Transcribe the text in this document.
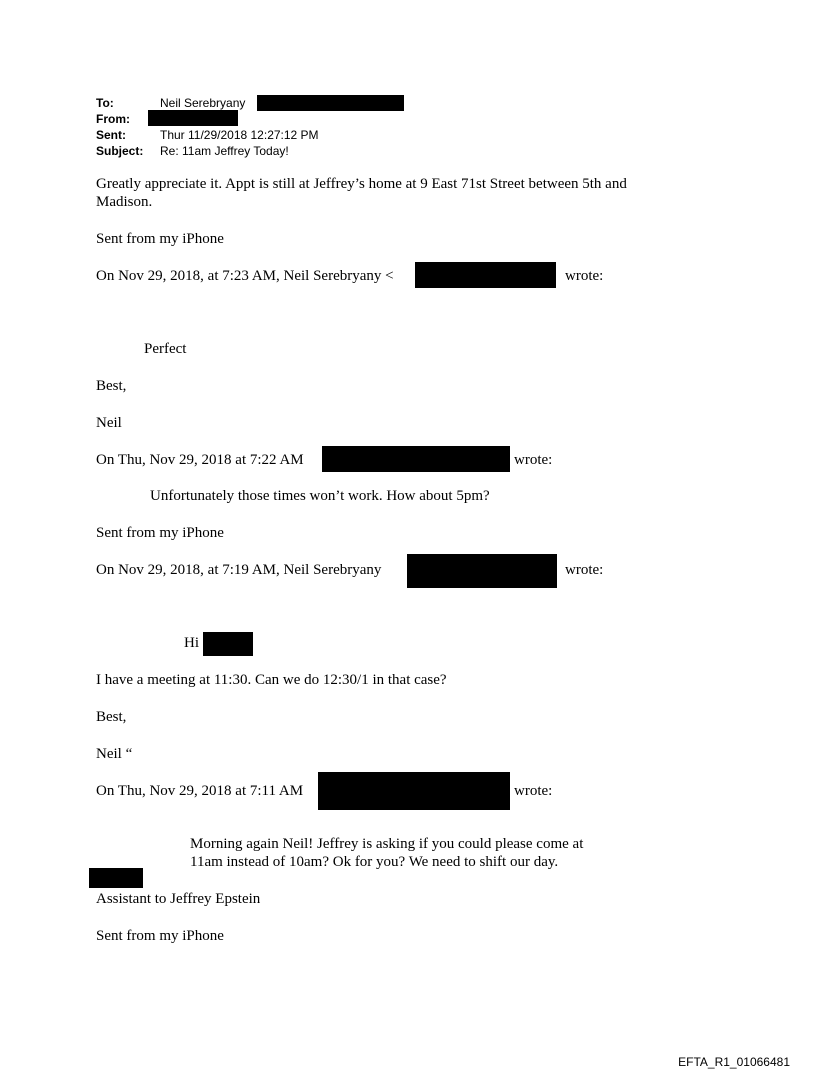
To:	Neil Serebryany
From:
Sent:	Thur 11/29/2018 12:27:12 PM
Subject: Re: 11am Jeffrey Today!
Greatly appreciate it. Appt is still at Jeffrey’s home at 9 East 71st Street between 5th and
Madison.
Sent from my iPhone
On Nov 29, 2018, at 7:23 AM, Neil Serebryany <	wrote:
Perfect
Best,
Neil
On Thu, Nov 29, 2018 at 7:22 AM	wrote:
Unfortunately those times won’t work. How about 5pm?
Sent from my iPhone
On Nov 29, 2018, at 7:19 AM, Neil Serebryany	wrote:
Hi
I have a meeting at 11:30. Can we do 12:30/1 in that case?
Best,
Neil “
On Thu, Nov 29, 2018 at 7:11 AM	wrote:
Morning again Neil! Jeffrey is asking if you could please come at
11am instead of 10am? Ok for you? We need to shift our day.
Assistant to Jeffrey Epstein
Sent from my iPhone
EFTA_R1_01066481
